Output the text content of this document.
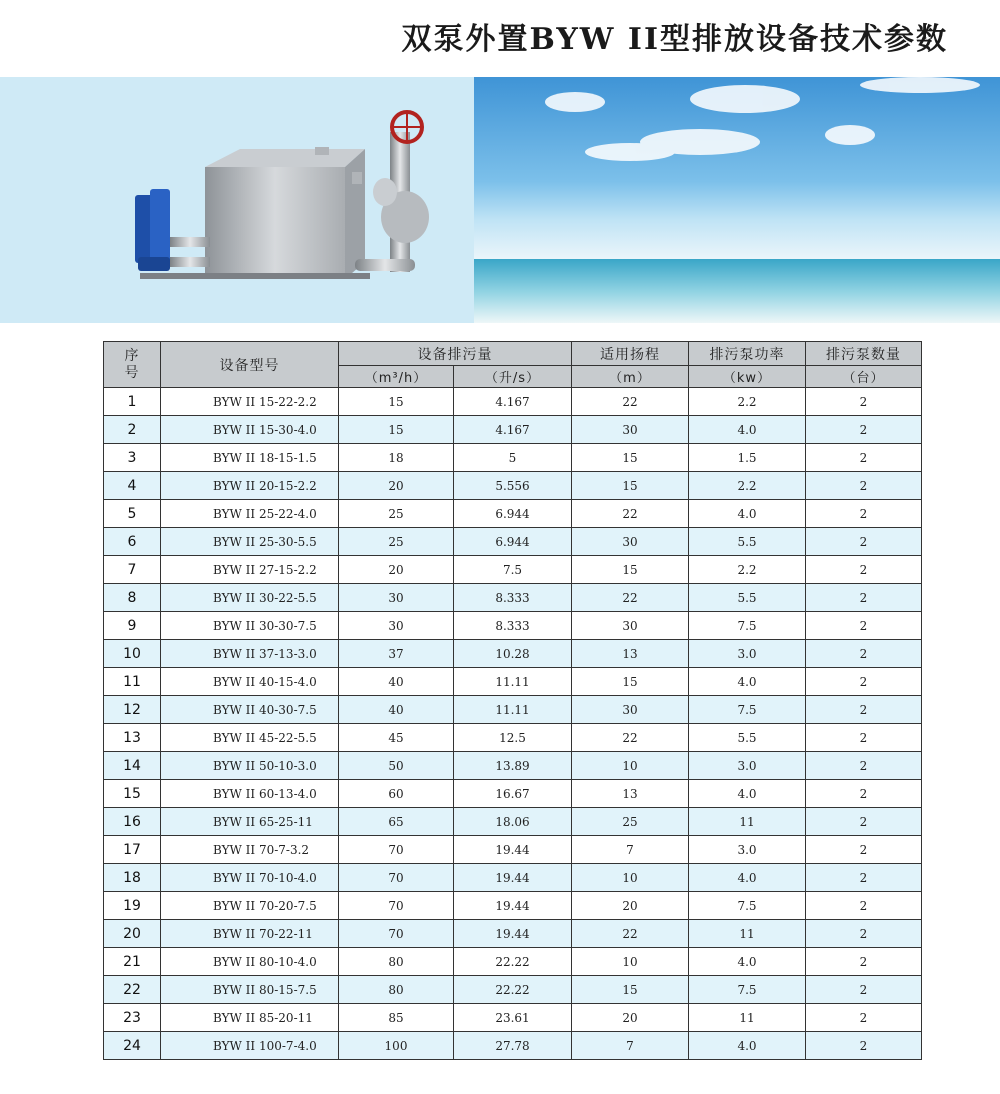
双泵外置BYW II型排放设备技术参数
序号	设备型号	设备排污量		适用扬程	排污泵功率	排污泵数量
		（m³/h）	（升/s）	（m）	（kw）	（台）
1	BYW II 15-22-2.2	15	4.167	22	2.2	2
2	BYW II 15-30-4.0	15	4.167	30	4.0	2
3	BYW II 18-15-1.5	18	5	15	1.5	2
4	BYW II 20-15-2.2	20	5.556	15	2.2	2
5	BYW II 25-22-4.0	25	6.944	22	4.0	2
6	BYW II 25-30-5.5	25	6.944	30	5.5	2
7	BYW II 27-15-2.2	20	7.5	15	2.2	2
8	BYW II 30-22-5.5	30	8.333	22	5.5	2
9	BYW II 30-30-7.5	30	8.333	30	7.5	2
10	BYW II 37-13-3.0	37	10.28	13	3.0	2
11	BYW II 40-15-4.0	40	11.11	15	4.0	2
12	BYW II 40-30-7.5	40	11.11	30	7.5	2
13	BYW II 45-22-5.5	45	12.5	22	5.5	2
14	BYW II 50-10-3.0	50	13.89	10	3.0	2
15	BYW II 60-13-4.0	60	16.67	13	4.0	2
16	BYW II 65-25-11	65	18.06	25	11	2
17	BYW II 70-7-3.2	70	19.44	7	3.0	2
18	BYW II 70-10-4.0	70	19.44	10	4.0	2
19	BYW II 70-20-7.5	70	19.44	20	7.5	2
20	BYW II 70-22-11	70	19.44	22	11	2
21	BYW II 80-10-4.0	80	22.22	10	4.0	2
22	BYW II 80-15-7.5	80	22.22	15	7.5	2
23	BYW II 85-20-11	85	23.61	20	11	2
24	BYW II 100-7-4.0	100	27.78	7	4.0	2
